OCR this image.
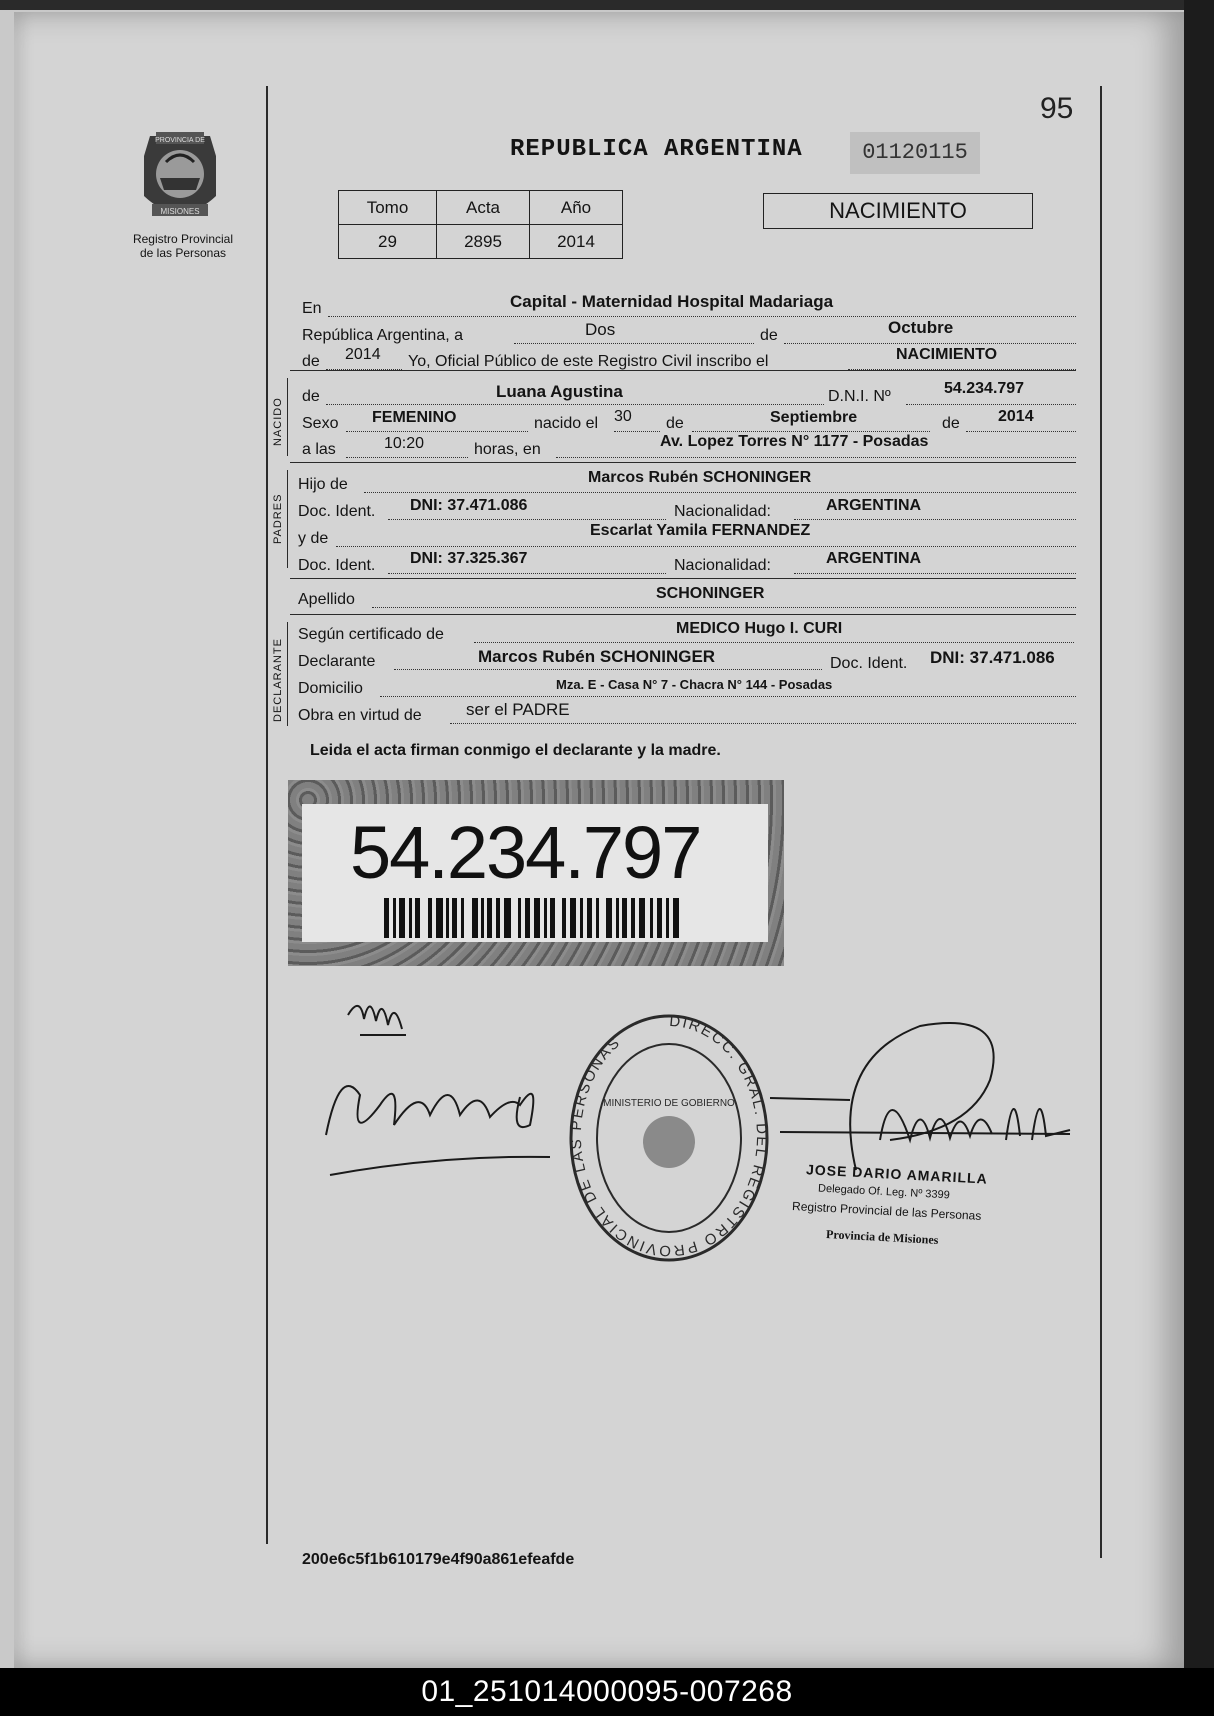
95
PROVINCIA DE
MISIONES
Registro Provincial
de las Personas
REPUBLICA ARGENTINA	01120115
Tomo	Acta	Año
29	2895	2014
NACIMIENTO
NACIDO
PADRES
DECLARANTE
En	Capital - Maternidad Hospital Madariaga
República Argentina, a	Dos	de	Octubre
de 2014 Yo, Oficial Público de este Registro Civil inscribo el	NACIMIENTO
de	Luana Agustina	D.N.I. Nº	54.234.797
Sexo FEMENINO	nacido el 30 de	Septiembre	de 2014
a las	10:20	horas, en	Av. Lopez Torres N° 1177 - Posadas
Hijo de	Marcos Rubén SCHONINGER
Doc. Ident. DNI: 37.471.086	Nacionalidad:	ARGENTINA
y de	Escarlat Yamila FERNANDEZ
Doc. Ident. DNI: 37.325.367	Nacionalidad:	ARGENTINA
Apellido	SCHONINGER
Según certificado de	MEDICO Hugo I. CURI
Declarante	Marcos Rubén SCHONINGER	Doc. Ident. DNI: 37.471.086
Domicilio	Mza. E - Casa N° 7 - Chacra N° 144 - Posadas
Obra en virtud de	ser el PADRE
Leida el acta firman conmigo el declarante y la madre.
54.234.797
DIRECC. GRAL. DEL REGISTRO PROVINCIAL DE LAS PERSONAS
MINISTERIO DE GOBIERNO
JOSE DARIO AMARILLA
Delegado Of. Leg. Nº 3399
Registro Provincial de las Personas
Provincia de Misiones
200e6c5f1b610179e4f90a861efeafde
01_251014000095-007268
